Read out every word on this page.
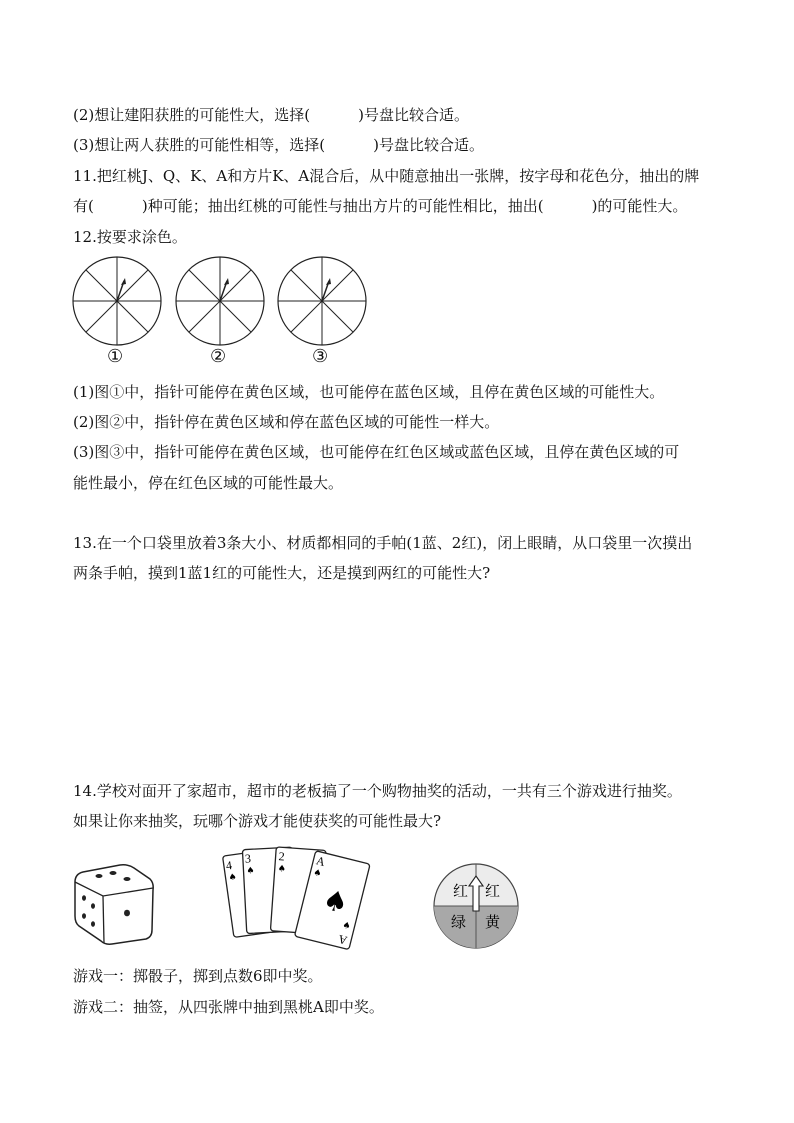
(2)想让建阳获胜的可能性大，选择(	)号盘比较合适。
(3)想让两人获胜的可能性相等，选择(	)号盘比较合适。
11.把红桃J、Q、K、A和方片K、A混合后，从中随意抽出一张牌，按字母和花色分，抽出的牌
有(	)种可能；抽出红桃的可能性与抽出方片的可能性相比，抽出(	)的可能性大。
12.按要求涂色。
①	②	③
(1)图①中，指针可能停在黄色区域，也可能停在蓝色区域，且停在黄色区域的可能性大。
(2)图②中，指针停在黄色区域和停在蓝色区域的可能性一样大。
(3)图③中，指针可能停在黄色区域，也可能停在红色区域或蓝色区域，且停在黄色区域的可
能性最小，停在红色区域的可能性最大。
13.在一个口袋里放着3条大小、材质都相同的手帕(1蓝、2红)，闭上眼睛，从口袋里一次摸出
两条手帕，摸到1蓝1红的可能性大，还是摸到两红的可能性大?
14.学校对面开了家超市，超市的老板搞了一个购物抽奖的活动，一共有三个游戏进行抽奖。
如果让你来抽奖，玩哪个游戏才能使获奖的可能性最大?
4
♠
3
♠
2
♠
A
♠
♠
♠
A
红 红
绿 黄
游戏一：掷骰子，掷到点数6即中奖。
游戏二：抽签，从四张牌中抽到黑桃A即中奖。
